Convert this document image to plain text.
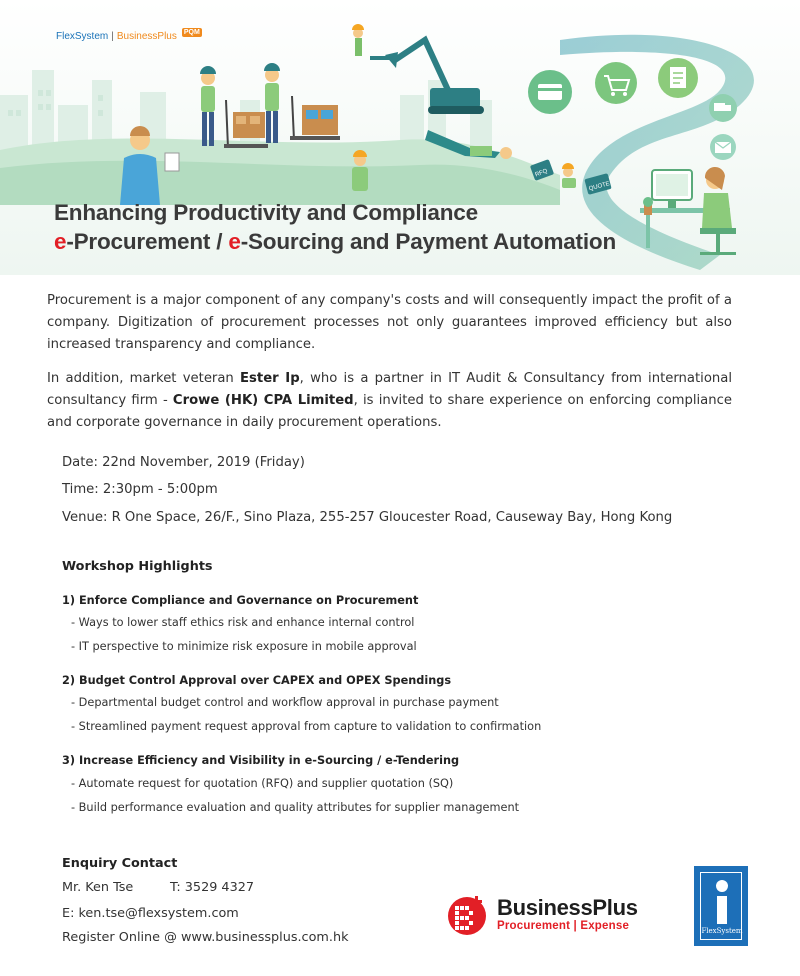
RFQ
QUOTE
FlexSystem | BusinessPlus PQM
Enhancing Productivity and Compliance
e-Procurement / e-Sourcing and Payment Automation

Procurement is a major component of any company's costs and will consequently impact the profit of a company. Digitization of procurement processes not only guarantees improved efficiency but also increased transparency and compliance.

In addition, market veteran Ester Ip, who is a partner in IT Audit & Consultancy from international consultancy firm - Crowe (HK) CPA Limited, is invited to share experience on enforcing compliance and corporate governance in daily procurement operations.

Date: 22nd November, 2019 (Friday)
Time: 2:30pm - 5:00pm
Venue: R One Space, 26/F., Sino Plaza, 255-257 Gloucester Road, Causeway Bay, Hong Kong
Workshop Highlights
1) Enforce Compliance and Governance on Procurement
- Ways to lower staff ethics risk and enhance internal control
- IT perspective to minimize risk exposure in mobile approval
2) Budget Control Approval over CAPEX and OPEX Spendings
- Departmental budget control and workflow approval in purchase payment
- Streamlined payment request approval from capture to validation to confirmation
3) Increase Efficiency and Visibility in e-Sourcing / e-Tendering
- Automate request for quotation (RFQ) and supplier quotation (SQ)
- Build performance evaluation and quality attributes for supplier management
Enquiry Contact
Mr. Ken Tse	T: 3529 4327
E: ken.tse@flexsystem.com
Register Online @ www.businessplus.com.hk
BusinessPlus
Procurement | Expense	FlexSystem
